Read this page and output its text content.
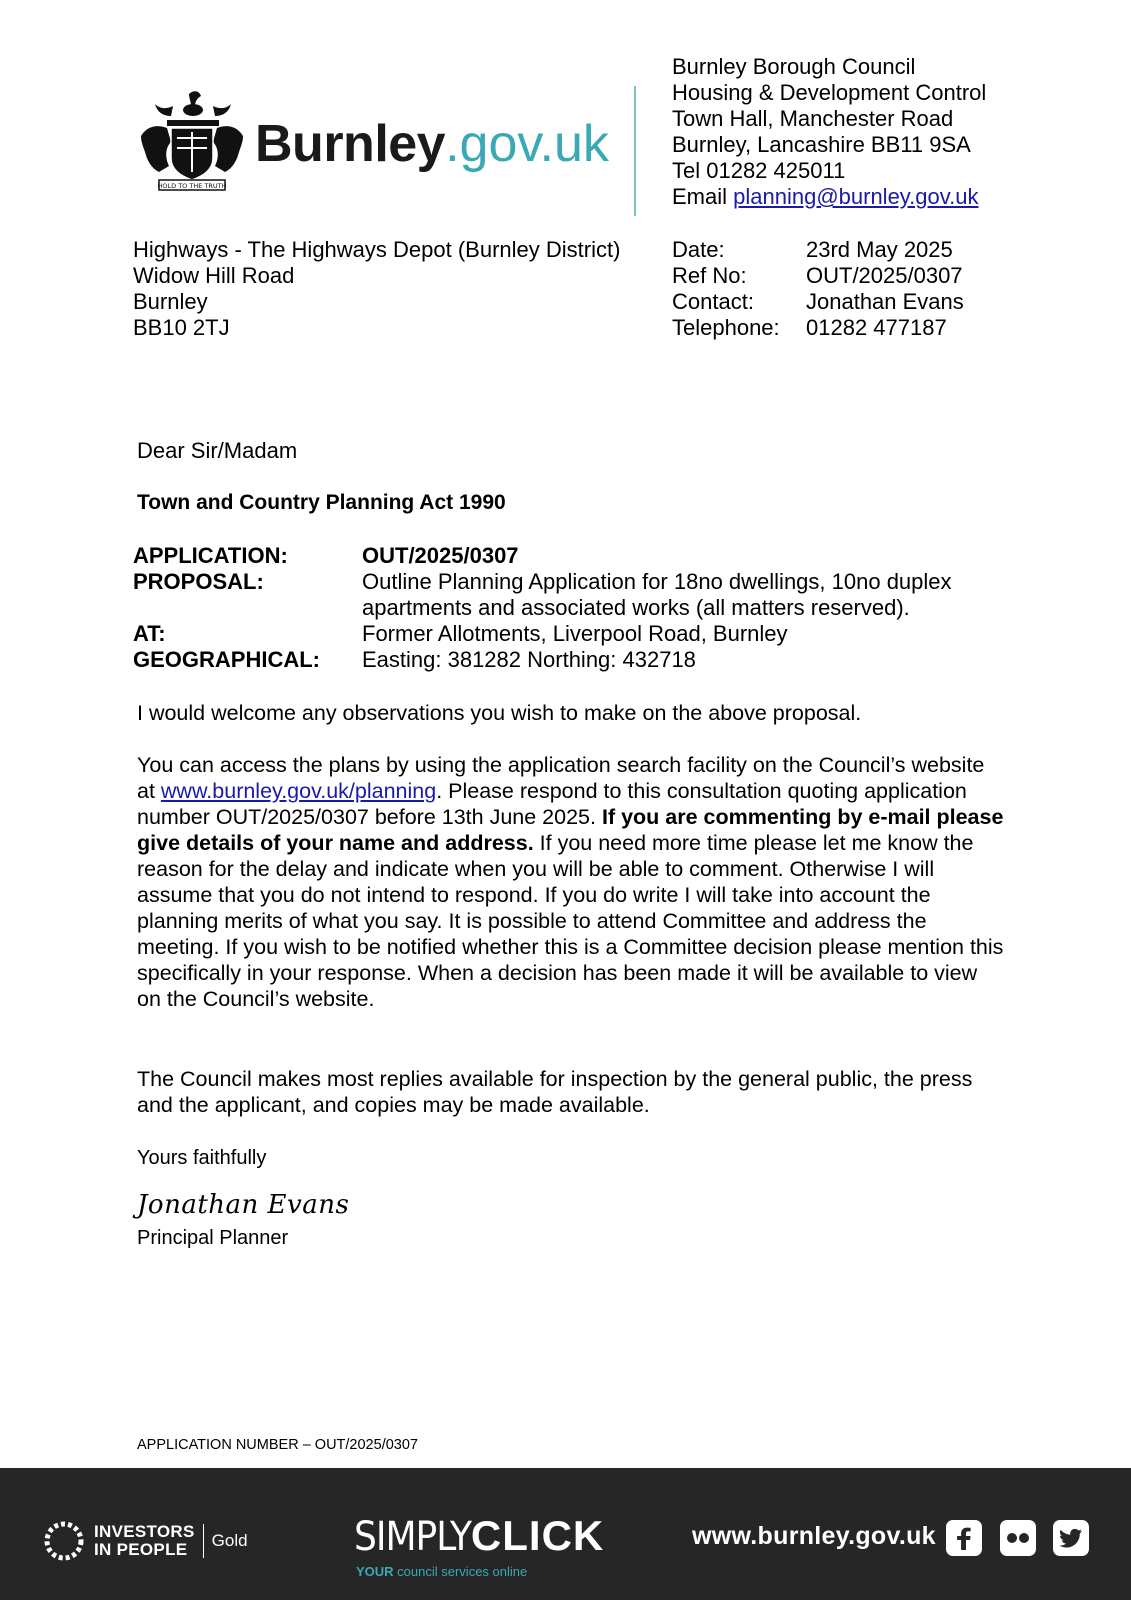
HOLD TO THE TRUTH
Burnley.gov.uk
Burnley Borough Council
Housing & Development Control
Town Hall, Manchester Road
Burnley, Lancashire BB11 9SA
Tel 01282 425011
Email planning@burnley.gov.uk
Highways - The Highways Depot (Burnley District)
Widow Hill Road
Burnley
BB10 2TJ
Date:	23rd May 2025
Ref No:	OUT/2025/0307
Contact:	Jonathan Evans
Telephone:	01282 477187
Dear Sir/Madam
Town and Country Planning Act 1990
APPLICATION:	OUT/2025/0307
PROPOSAL:	Outline Planning Application for 18no dwellings, 10no duplex
apartments and associated works (all matters reserved).
AT:	Former Allotments, Liverpool Road, Burnley
GEOGRAPHICAL:	Easting: 381282 Northing: 432718
I would welcome any observations you wish to make on the above proposal.
You can access the plans by using the application search facility on the Council’s website at www.burnley.gov.uk/planning. Please respond to this consultation quoting application number OUT/2025/0307 before 13th June 2025. If you are commenting by e-mail please give details of your name and address. If you need more time please let me know the reason for the delay and indicate when you will be able to comment. Otherwise I will assume that you do not intend to respond. If you do write I will take into account the planning merits of what you say. It is possible to attend Committee and address the meeting. If you wish to be notified whether this is a Committee decision please mention this specifically in your response. When a decision has been made it will be available to view on the Council’s website.
The Council makes most replies available for inspection by the general public, the press and the applicant, and copies may be made available.
Yours faithfully
Jonathan Evans
Principal Planner
APPLICATION NUMBER – OUT/2025/0307
INVESTORS
IN PEOPLE	Gold	SIMPLYCLICK
YOUR council services online
www.burnley.gov.uk
